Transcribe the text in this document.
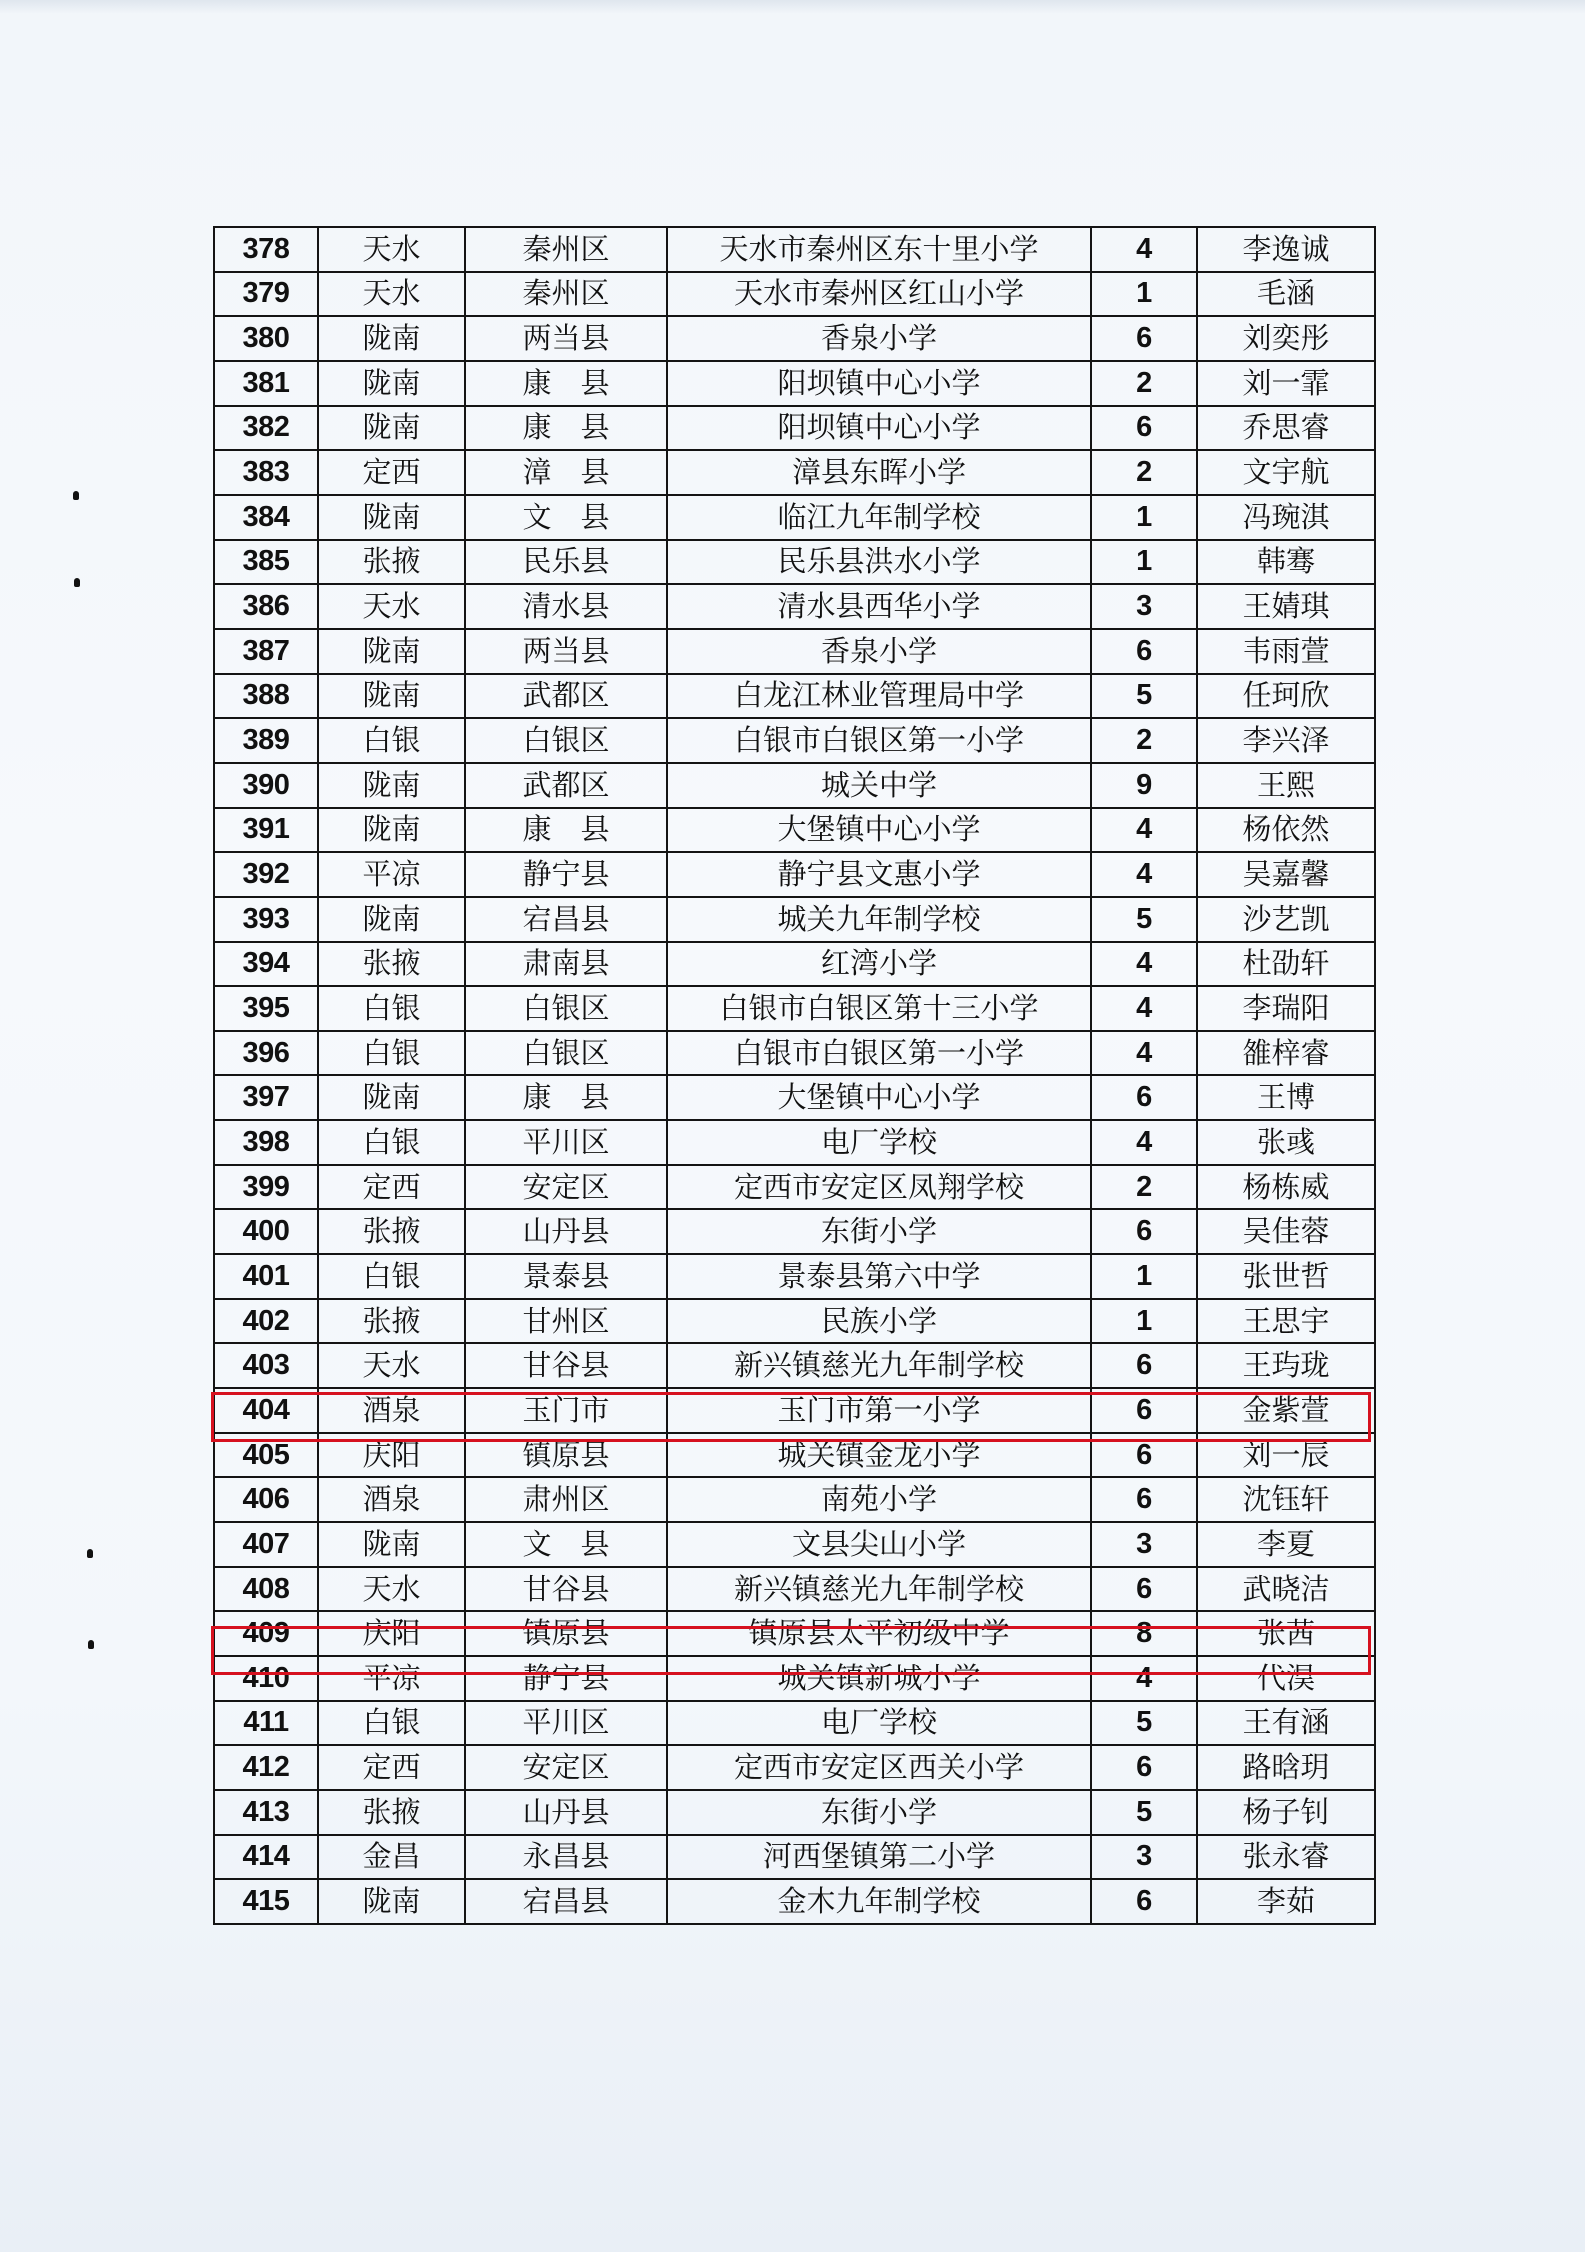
378	天水	秦州区	天水市秦州区东十里小学	4	李逸诚
379	天水	秦州区	天水市秦州区红山小学	1	毛涵
380	陇南	两当县	香泉小学	6	刘奕彤
381	陇南	康　县	阳坝镇中心小学	2	刘一霏
382	陇南	康　县	阳坝镇中心小学	6	乔思睿
383	定西	漳　县	漳县东晖小学	2	文宇航
384	陇南	文　县	临江九年制学校	1	冯琬淇
385	张掖	民乐县	民乐县洪水小学	1	韩骞
386	天水	清水县	清水县西华小学	3	王婧琪
387	陇南	两当县	香泉小学	6	韦雨萱
388	陇南	武都区	白龙江林业管理局中学	5	任珂欣
389	白银	白银区	白银市白银区第一小学	2	李兴泽
390	陇南	武都区	城关中学	9	王熙
391	陇南	康　县	大堡镇中心小学	4	杨依然
392	平凉	静宁县	静宁县文惠小学	4	吴嘉馨
393	陇南	宕昌县	城关九年制学校	5	沙艺凯
394	张掖	肃南县	红湾小学	4	杜劭轩
395	白银	白银区	白银市白银区第十三小学	4	李瑞阳
396	白银	白银区	白银市白银区第一小学	4	雒梓睿
397	陇南	康　县	大堡镇中心小学	6	王博
398	白银	平川区	电厂学校	4	张彧
399	定西	安定区	定西市安定区凤翔学校	2	杨栋威
400	张掖	山丹县	东街小学	6	吴佳蓉
401	白银	景泰县	景泰县第六中学	1	张世哲
402	张掖	甘州区	民族小学	1	王思宇
403	天水	甘谷县	新兴镇慈光九年制学校	6	王玙珑
404	酒泉	玉门市	玉门市第一小学	6	金紫萱
405	庆阳	镇原县	城关镇金龙小学	6	刘一辰
406	酒泉	肃州区	南苑小学	6	沈钰轩
407	陇南	文　县	文县尖山小学	3	李夏
408	天水	甘谷县	新兴镇慈光九年制学校	6	武晓洁
409	庆阳	镇原县	镇原县太平初级中学	8	张茜
410	平凉	静宁县	城关镇新城小学	4	代淏
411	白银	平川区	电厂学校	5	王有涵
412	定西	安定区	定西市安定区西关小学	6	路晗玥
413	张掖	山丹县	东街小学	5	杨子钊
414	金昌	永昌县	河西堡镇第二小学	3	张永睿
415	陇南	宕昌县	金木九年制学校	6	李茹
